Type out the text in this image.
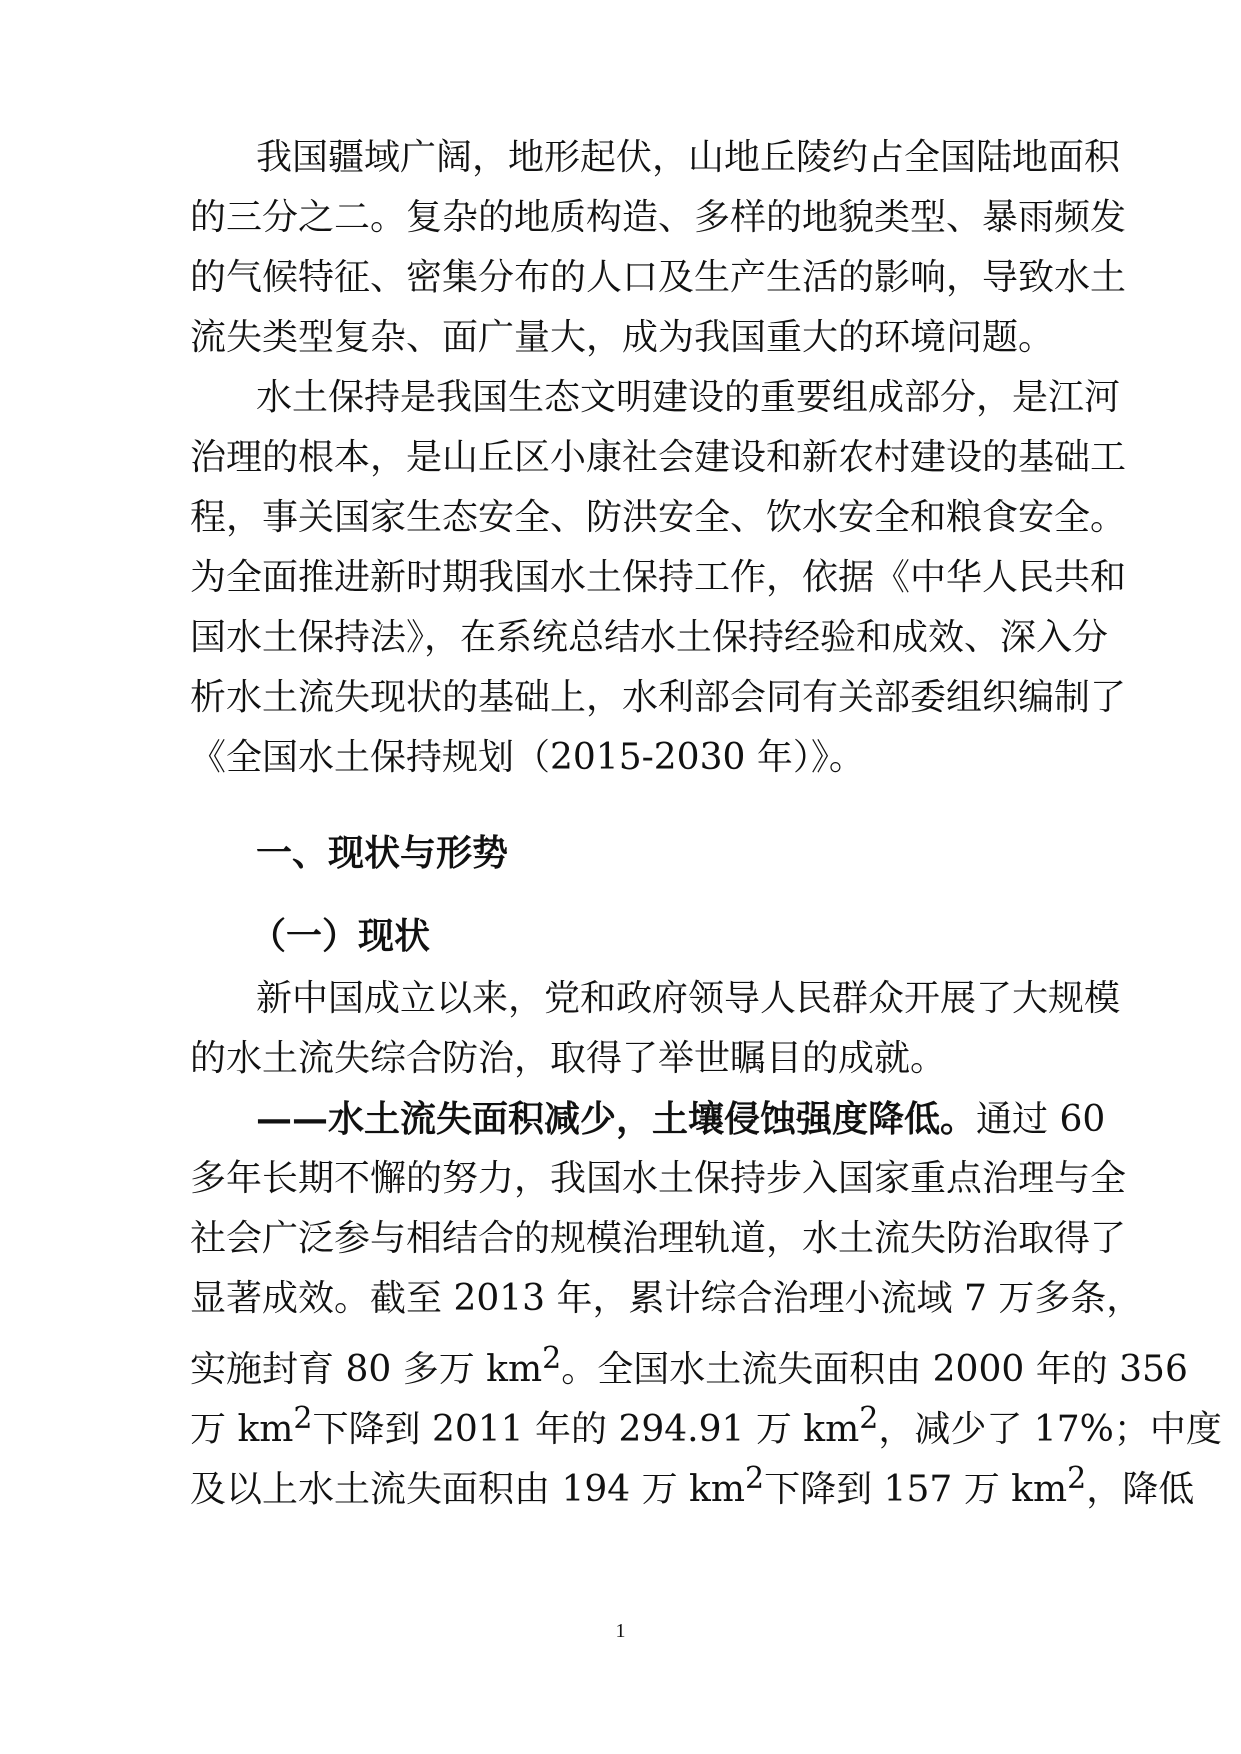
我国疆域广阔，地形起伏，山地丘陵约占全国陆地面积
的三分之二。复杂的地质构造、多样的地貌类型、暴雨频发
的气候特征、密集分布的人口及生产生活的影响，导致水土
流失类型复杂、面广量大，成为我国重大的环境问题。
水土保持是我国生态文明建设的重要组成部分，是江河
治理的根本，是山丘区小康社会建设和新农村建设的基础工
程，事关国家生态安全、防洪安全、饮水安全和粮食安全。
为全面推进新时期我国水土保持工作，依据《中华人民共和
国水土保持法》，在系统总结水土保持经验和成效、深入分
析水土流失现状的基础上，水利部会同有关部委组织编制了
《全国水土保持规划（2015-2030 年）》。
一、现状与形势
（一）现状
新中国成立以来，党和政府领导人民群众开展了大规模
的水土流失综合防治，取得了举世瞩目的成就。
——水土流失面积减少，土壤侵蚀强度降低。通过 60
多年长期不懈的努力，我国水土保持步入国家重点治理与全
社会广泛参与相结合的规模治理轨道，水土流失防治取得了
显著成效。截至 2013 年，累计综合治理小流域 7 万多条，
实施封育 80 多万 $km^2$。全国水土流失面积由 2000 年的 356
万 $km^2$下降到 2011 年的 294.91 万 $km^2$，减少了 17%；中度
及以上水土流失面积由 194 万 $km^2$下降到 157 万 $km^2$，降低
1
